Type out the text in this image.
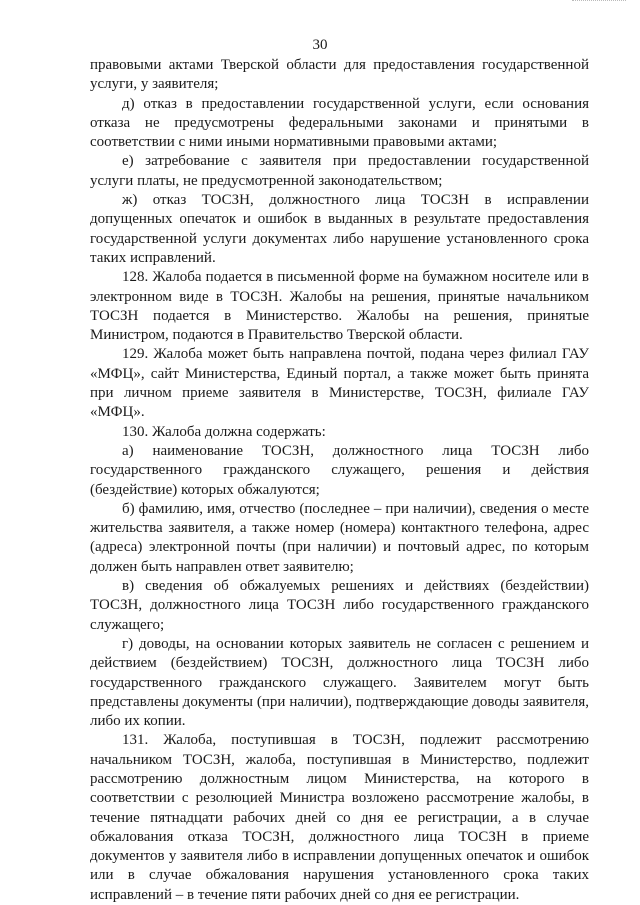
30

правовыми актами Тверской области для предоставления государственной услуги, у заявителя;

д) отказ в предоставлении государственной услуги, если основания отказа не предусмотрены федеральными законами и принятыми в соответствии с ними иными нормативными правовыми актами;

е) затребование с заявителя при предоставлении государственной услуги платы, не предусмотренной законодательством;

ж) отказ ТОСЗН, должностного лица ТОСЗН в исправлении допущенных опечаток и ошибок в выданных в результате предоставления государственной услуги документах либо нарушение установленного срока таких исправлений.

128. Жалоба подается в письменной форме на бумажном носителе или в электронном виде в ТОСЗН. Жалобы на решения, принятые начальником ТОСЗН подается в Министерство. Жалобы на решения, принятые Министром, подаются в Правительство Тверской области.

129. Жалоба может быть направлена почтой, подана через филиал ГАУ «МФЦ», сайт Министерства, Единый портал, а также может быть принята при личном приеме заявителя в Министерстве, ТОСЗН, филиале ГАУ «МФЦ».

130. Жалоба должна содержать:

а) наименование ТОСЗН, должностного лица ТОСЗН либо государственного гражданского служащего, решения и действия (бездействие) которых обжалуются;

б) фамилию, имя, отчество (последнее – при наличии), сведения о месте жительства заявителя, а также номер (номера) контактного телефона, адрес (адреса) электронной почты (при наличии) и почтовый адрес, по которым должен быть направлен ответ заявителю;

в) сведения об обжалуемых решениях и действиях (бездействии) ТОСЗН, должностного лица ТОСЗН либо государственного гражданского служащего;

г) доводы, на основании которых заявитель не согласен с решением и действием (бездействием) ТОСЗН, должностного лица ТОСЗН либо государственного гражданского служащего. Заявителем могут быть представлены документы (при наличии), подтверждающие доводы заявителя, либо их копии.

131. Жалоба, поступившая в ТОСЗН, подлежит рассмотрению начальником ТОСЗН, жалоба, поступившая в Министерство, подлежит рассмотрению должностным лицом Министерства, на которого в соответствии с резолюцией Министра возложено рассмотрение жалобы, в течение пятнадцати рабочих дней со дня ее регистрации, а в случае обжалования отказа ТОСЗН, должностного лица ТОСЗН в приеме документов у заявителя либо в исправлении допущенных опечаток и ошибок или в случае обжалования нарушения установленного срока таких исправлений – в течение пяти рабочих дней со дня ее регистрации.
